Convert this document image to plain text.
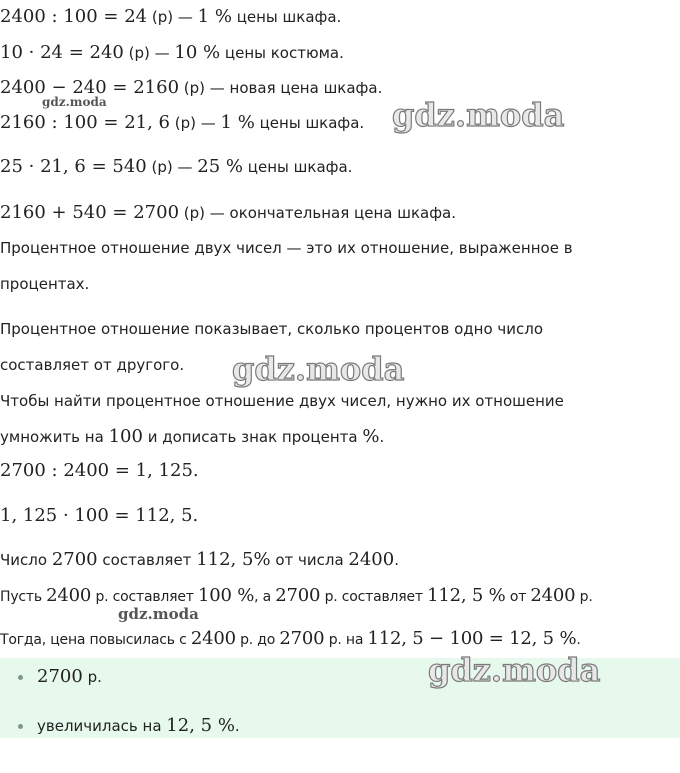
2400 : 100 = 24 (р) — 1 % цены шкафа.
10 · 24 = 240 (р) — 10 % цены костюма.
2400 − 240 = 2160 (р) — новая цена шкафа.
2160 : 100 = 21, 6 (р) — 1 % цены шкафа.
25 · 21, 6 = 540 (р) — 25 % цены шкафа.
2160 + 540 = 2700 (р) — окончательная цена шкафа.
Процентное отношение двух чисел — это их отношение, выраженное в
процентах.
Процентное отношение показывает, сколько процентов одно число
составляет от другого.
Чтобы найти процентное отношение двух чисел, нужно их отношение
умножить на 100 и дописать знак процента %.
2700 : 2400 = 1, 125.
1, 125 · 100 = 112, 5.
Число 2700 составляет 112, 5% от числа 2400.
Пусть 2400 р. составляет 100 %, а 2700 р. составляет 112, 5 % от 2400 р.
Тогда, цена повысилась с 2400 р. до 2700 р. на 112, 5 − 100 = 12, 5 %.
2700 р.
увеличилась на 12, 5 %.
gdz.moda	gdz.moda
gdz.moda
gdz.moda
gdz.moda
